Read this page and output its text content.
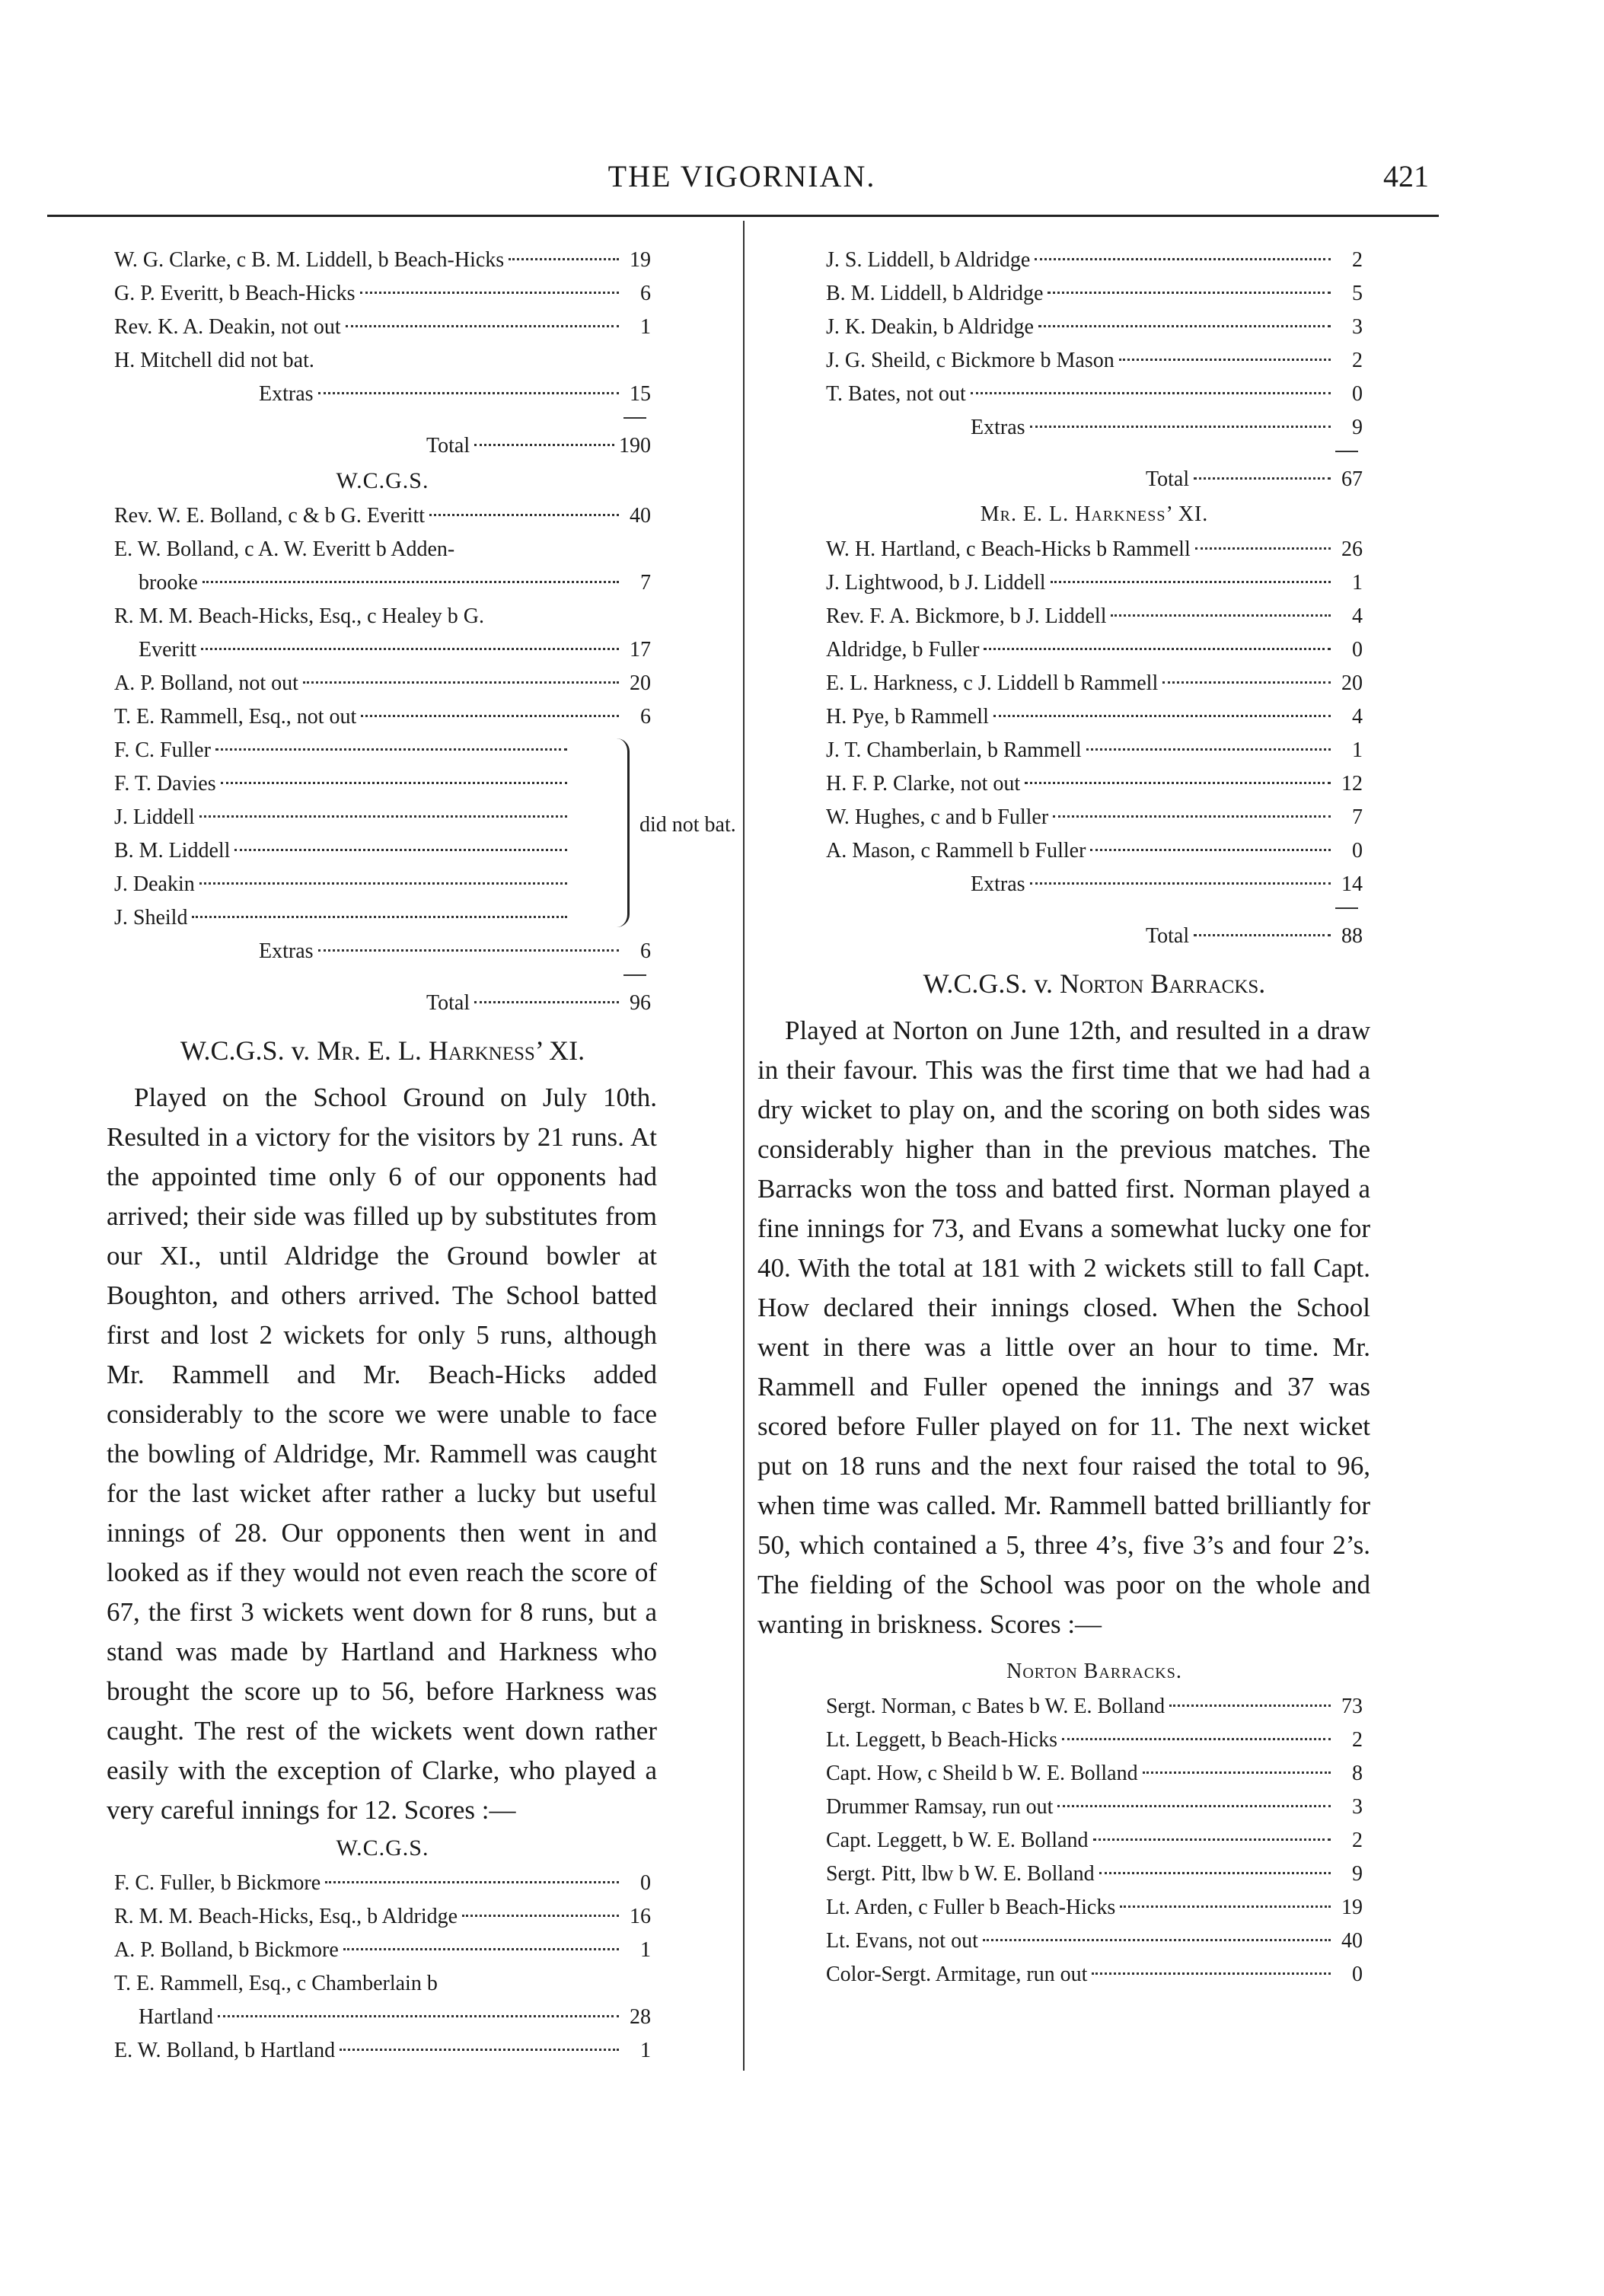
THE VIGORNIAN.	421
W. G. Clarke, c B. M. Liddell, b Beach-Hicks	19
G. P. Everitt, b Beach-Hicks	6
Rev. K. A. Deakin, not out	1
H. Mitchell did not bat.
Extras	15
Total	190
W.C.G.S.
Rev. W. E. Bolland, c & b G. Everitt	40
E. W. Bolland, c A. W. Everitt b Adden-
brooke	7
R. M. M. Beach-Hicks, Esq., c Healey b G.
Everitt	17
A. P. Bolland, not out	20
T. E. Rammell, Esq., not out	6
F. C. Fuller
F. T. Davies
J. Liddell
B. M. Liddell
J. Deakin
J. Sheild
did not bat.
Extras	6
Total	96
W.C.G.S. v. Mr. E. L. Harkness’ XI.

Played on the School Ground on July 10th. Resulted in a victory for the visitors by 21 runs. At the appointed time only 6 of our opponents had arrived; their side was filled up by substitutes from our XI., until Aldridge the Ground bowler at Boughton, and others arrived. The School batted first and lost 2 wickets for only 5 runs, although Mr. Rammell and Mr. Beach-Hicks added considerably to the score we were unable to face the bowling of Aldridge, Mr. Rammell was caught for the last wicket after rather a lucky but useful innings of 28. Our opponents then went in and looked as if they would not even reach the score of 67, the first 3 wickets went down for 8 runs, but a stand was made by Hartland and Harkness who brought the score up to 56, before Harkness was caught. The rest of the wickets went down rather easily with the exception of Clarke, who played a very careful innings for 12. Scores :—

W.C.G.S.
F. C. Fuller, b Bickmore	0
R. M. M. Beach-Hicks, Esq., b Aldridge	16
A. P. Bolland, b Bickmore	1
T. E. Rammell, Esq., c Chamberlain b
Hartland	28
E. W. Bolland, b Hartland	1
J. S. Liddell, b Aldridge	2
B. M. Liddell, b Aldridge	5
J. K. Deakin, b Aldridge	3
J. G. Sheild, c Bickmore b Mason	2
T. Bates, not out	0
Extras	9
Total	67
Mr. E. L. Harkness’ XI.
W. H. Hartland, c Beach-Hicks b Rammell	26
J. Lightwood, b J. Liddell	1
Rev. F. A. Bickmore, b J. Liddell	4
Aldridge, b Fuller	0
E. L. Harkness, c J. Liddell b Rammell	20
H. Pye, b Rammell	4
J. T. Chamberlain, b Rammell	1
H. F. P. Clarke, not out	12
W. Hughes, c and b Fuller	7
A. Mason, c Rammell b Fuller	0
Extras	14
Total	88
W.C.G.S. v. Norton Barracks.

Played at Norton on June 12th, and resulted in a draw in their favour. This was the first time that we had had a dry wicket to play on, and the scoring on both sides was considerably higher than in the previous matches. The Barracks won the toss and batted first. Norman played a fine innings for 73, and Evans a somewhat lucky one for 40. With the total at 181 with 2 wickets still to fall Capt. How declared their innings closed. When the School went in there was a little over an hour to time. Mr. Rammell and Fuller opened the innings and 37 was scored before Fuller played on for 11. The next wicket put on 18 runs and the next four raised the total to 96, when time was called. Mr. Rammell batted brilliantly for 50, which contained a 5, three 4’s, five 3’s and four 2’s. The fielding of the School was poor on the whole and wanting in briskness. Scores :—

Norton Barracks.
Sergt. Norman, c Bates b W. E. Bolland	73
Lt. Leggett, b Beach-Hicks	2
Capt. How, c Sheild b W. E. Bolland	8
Drummer Ramsay, run out	3
Capt. Leggett, b W. E. Bolland	2
Sergt. Pitt, lbw b W. E. Bolland	9
Lt. Arden, c Fuller b Beach-Hicks	19
Lt. Evans, not out	40
Color-Sergt. Armitage, run out	0
